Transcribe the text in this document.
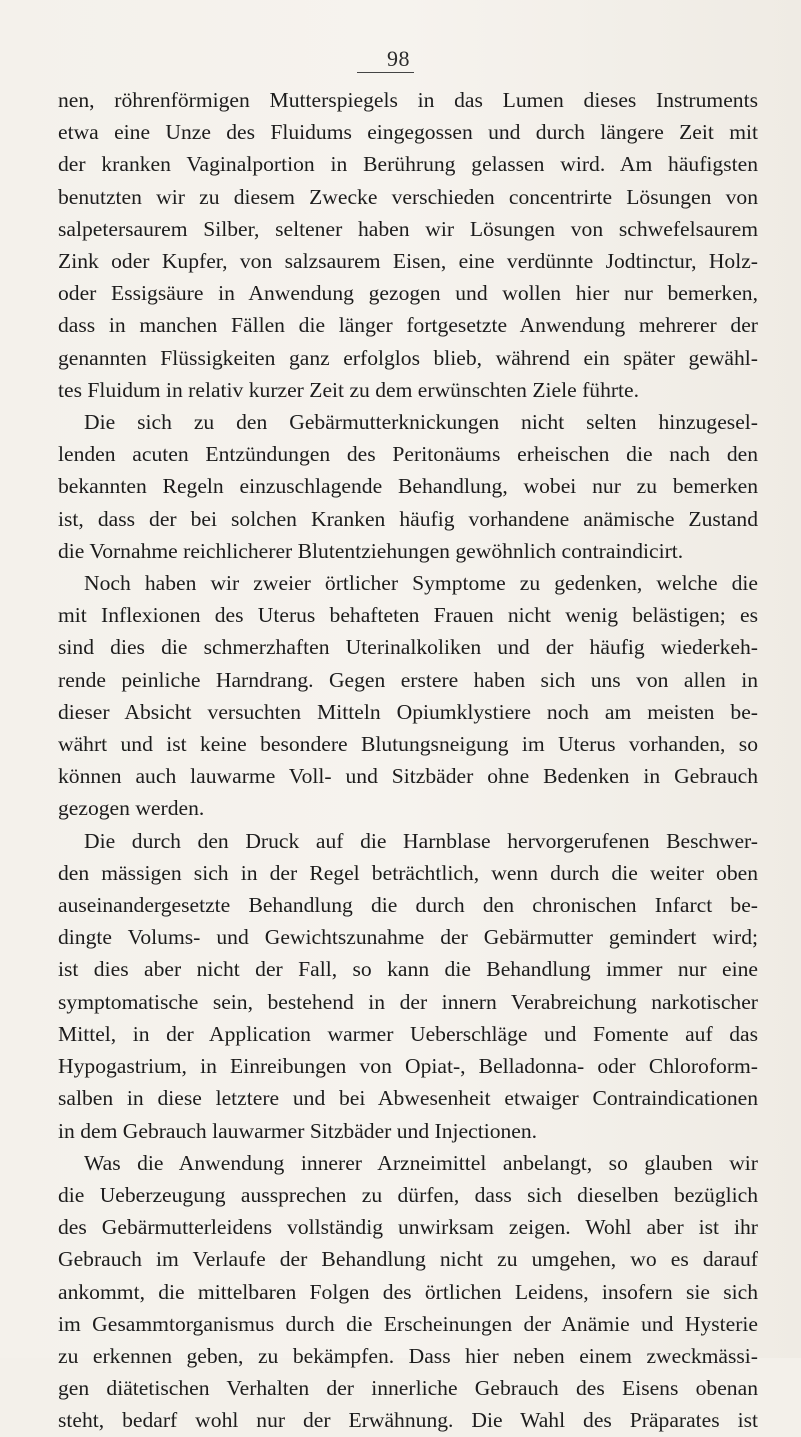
98

nen, röhrenförmigen Mutterspiegels in das Lumen dieses Instruments
etwa eine Unze des Fluidums eingegossen und durch längere Zeit mit
der kranken Vaginalportion in Berührung gelassen wird. Am häufigsten
benutzten wir zu diesem Zwecke verschieden concentrirte Lösungen von
salpetersaurem Silber, seltener haben wir Lösungen von schwefelsaurem
Zink oder Kupfer, von salzsaurem Eisen, eine verdünnte Jodtinctur, Holz-
oder Essigsäure in Anwendung gezogen und wollen hier nur bemerken,
dass in manchen Fällen die länger fortgesetzte Anwendung mehrerer der
genannten Flüssigkeiten ganz erfolglos blieb, während ein später gewähl-
tes Fluidum in relativ kurzer Zeit zu dem erwünschten Ziele führte.

Die sich zu den Gebärmutterknickungen nicht selten hinzugesel-
lenden acuten Entzündungen des Peritonäums erheischen die nach den
bekannten Regeln einzuschlagende Behandlung, wobei nur zu bemerken
ist, dass der bei solchen Kranken häufig vorhandene anämische Zustand
die Vornahme reichlicherer Blutentziehungen gewöhnlich contraindicirt.

Noch haben wir zweier örtlicher Symptome zu gedenken, welche die
mit Inflexionen des Uterus behafteten Frauen nicht wenig belästigen; es
sind dies die schmerzhaften Uterinalkoliken und der häufig wiederkeh-
rende peinliche Harndrang. Gegen erstere haben sich uns von allen in
dieser Absicht versuchten Mitteln Opiumklystiere noch am meisten be-
währt und ist keine besondere Blutungsneigung im Uterus vorhanden, so
können auch lauwarme Voll- und Sitzbäder ohne Bedenken in Gebrauch
gezogen werden.

Die durch den Druck auf die Harnblase hervorgerufenen Beschwer-
den mässigen sich in der Regel beträchtlich, wenn durch die weiter oben
auseinandergesetzte Behandlung die durch den chronischen Infarct be-
dingte Volums- und Gewichtszunahme der Gebärmutter gemindert wird;
ist dies aber nicht der Fall, so kann die Behandlung immer nur eine
symptomatische sein, bestehend in der innern Verabreichung narkotischer
Mittel, in der Application warmer Ueberschläge und Fomente auf das
Hypogastrium, in Einreibungen von Opiat-, Belladonna- oder Chloroform-
salben in diese letztere und bei Abwesenheit etwaiger Contraindicationen
in dem Gebrauch lauwarmer Sitzbäder und Injectionen.

Was die Anwendung innerer Arzneimittel anbelangt, so glauben wir
die Ueberzeugung aussprechen zu dürfen, dass sich dieselben bezüglich
des Gebärmutterleidens vollständig unwirksam zeigen. Wohl aber ist ihr
Gebrauch im Verlaufe der Behandlung nicht zu umgehen, wo es darauf
ankommt, die mittelbaren Folgen des örtlichen Leidens, insofern sie sich
im Gesammtorganismus durch die Erscheinungen der Anämie und Hysterie
zu erkennen geben, zu bekämpfen. Dass hier neben einem zweckmässi-
gen diätetischen Verhalten der innerliche Gebrauch des Eisens obenan
steht, bedarf wohl nur der Erwähnung. Die Wahl des Präparates ist
